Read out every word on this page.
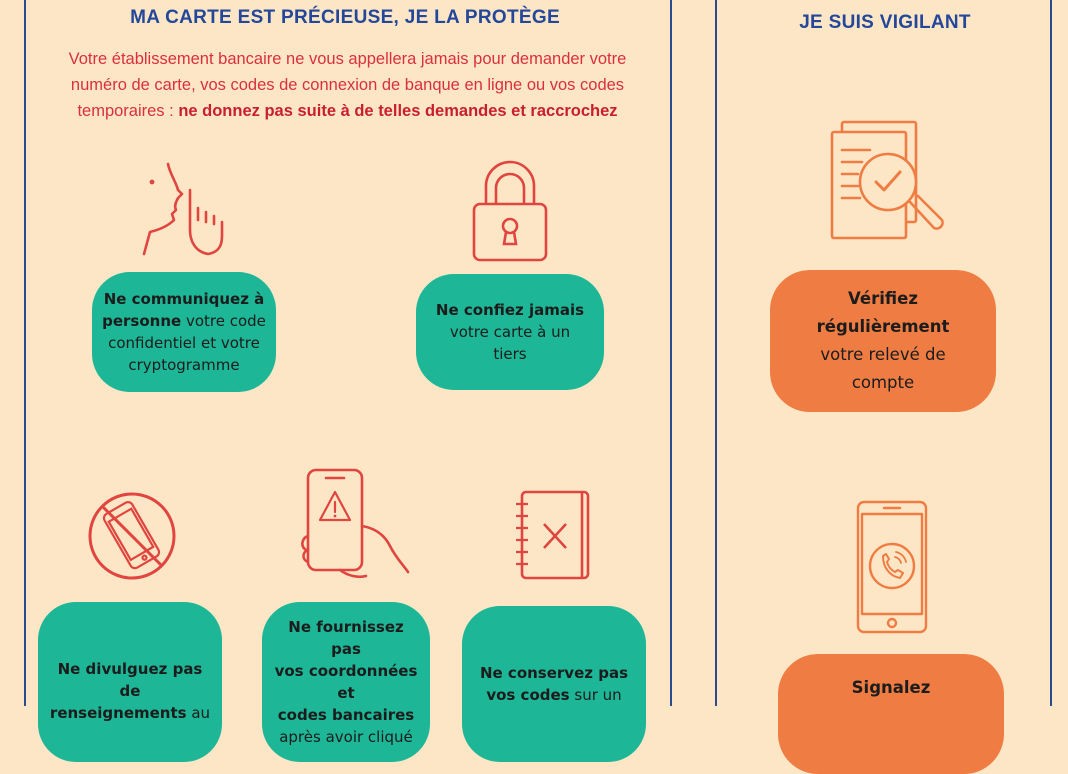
MA CARTE EST PRÉCIEUSE, JE LA PROTÈGE	JE SUIS VIGILANT
Votre établissement bancaire ne vous appellera jamais pour demander votre
numéro de carte, vos codes de connexion de banque en ligne ou vos codes
temporaires : ne donnez pas suite à de telles demandes et raccrochez
Ne communiquez à
personne votre code
confidentiel et votre
cryptogramme
Ne confiez jamais
votre carte à un
tiers
Ne divulguez pas de
renseignements au
Ne fournissez pas
vos coordonnées et
codes bancaires
après avoir cliqué
Ne conservez pas
vos codes sur un
Vérifiez
régulièrement
votre relevé de
compte
Signalez
